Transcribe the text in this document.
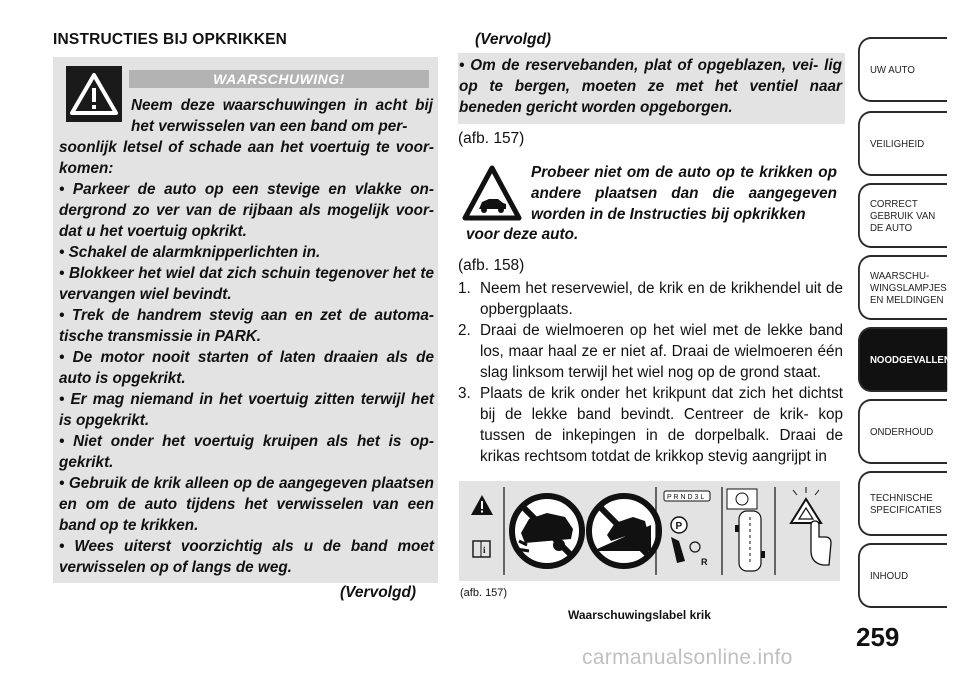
INSTRUCTIES BIJ OPKRIKKEN
WAARSCHUWING!
Neem deze waarschuwingen in acht bij het verwisselen van een band om per-

soonlijk letsel of schade aan het voertuig te voor- komen:

• Parkeer de auto op een stevige en vlakke on- dergrond zo ver van de rijbaan als mogelijk voor- dat u het voertuig opkrikt.

• Schakel de alarmknipperlichten in.

• Blokkeer het wiel dat zich schuin tegenover het te vervangen wiel bevindt.

• Trek de handrem stevig aan en zet de automa- tische transmissie in PARK.

• De motor nooit starten of laten draaien als de auto is opgekrikt.

• Er mag niemand in het voertuig zitten terwijl het is opgekrikt.

• Niet onder het voertuig kruipen als het is op- gekrikt.

• Gebruik de krik alleen op de aangegeven plaatsen en om de auto tijdens het verwisselen van een band op te krikken.

• Wees uiterst voorzichtig als u de band moet verwisselen op of langs de weg.

(Vervolgd)
(Vervolgd)
• Om de reservebanden, plat of opgeblazen, vei- lig op te bergen, moeten ze met het ventiel naar beneden gericht worden opgeborgen.
(afb. 157)
Probeer niet om de auto op te krikken op andere plaatsen dan die aangegeven worden in de Instructies bij opkrikken
voor deze auto.
(afb. 158)
1. Neem het reservewiel, de krik en de krikhendel uit de opbergplaats.
2. Draai de wielmoeren op het wiel met de lekke band los, maar haal ze er niet af. Draai de wielmoeren één slag linksom terwijl het wiel nog op de grond staat.
3. Plaats de krik onder het krikpunt dat zich het dichtst bij de lekke band bevindt. Centreer de krik- kop tussen de inkepingen in de dorpelbalk. Draai de krikas rechtsom totdat de krikkop stevig aangrijpt in
i
P R N D 3 L
P
R
(afb. 157)
Waarschuwingslabel krik
UW AUTO
VEILIGHEID
CORRECT GEBRUIK VAN DE AUTO
WAARSCHU- WINGSLAMPJES EN MELDINGEN
NOODGEVALLEN
ONDERHOUD
TECHNISCHE SPECIFICATIES
INHOUD
259
carmanualsonline.info
